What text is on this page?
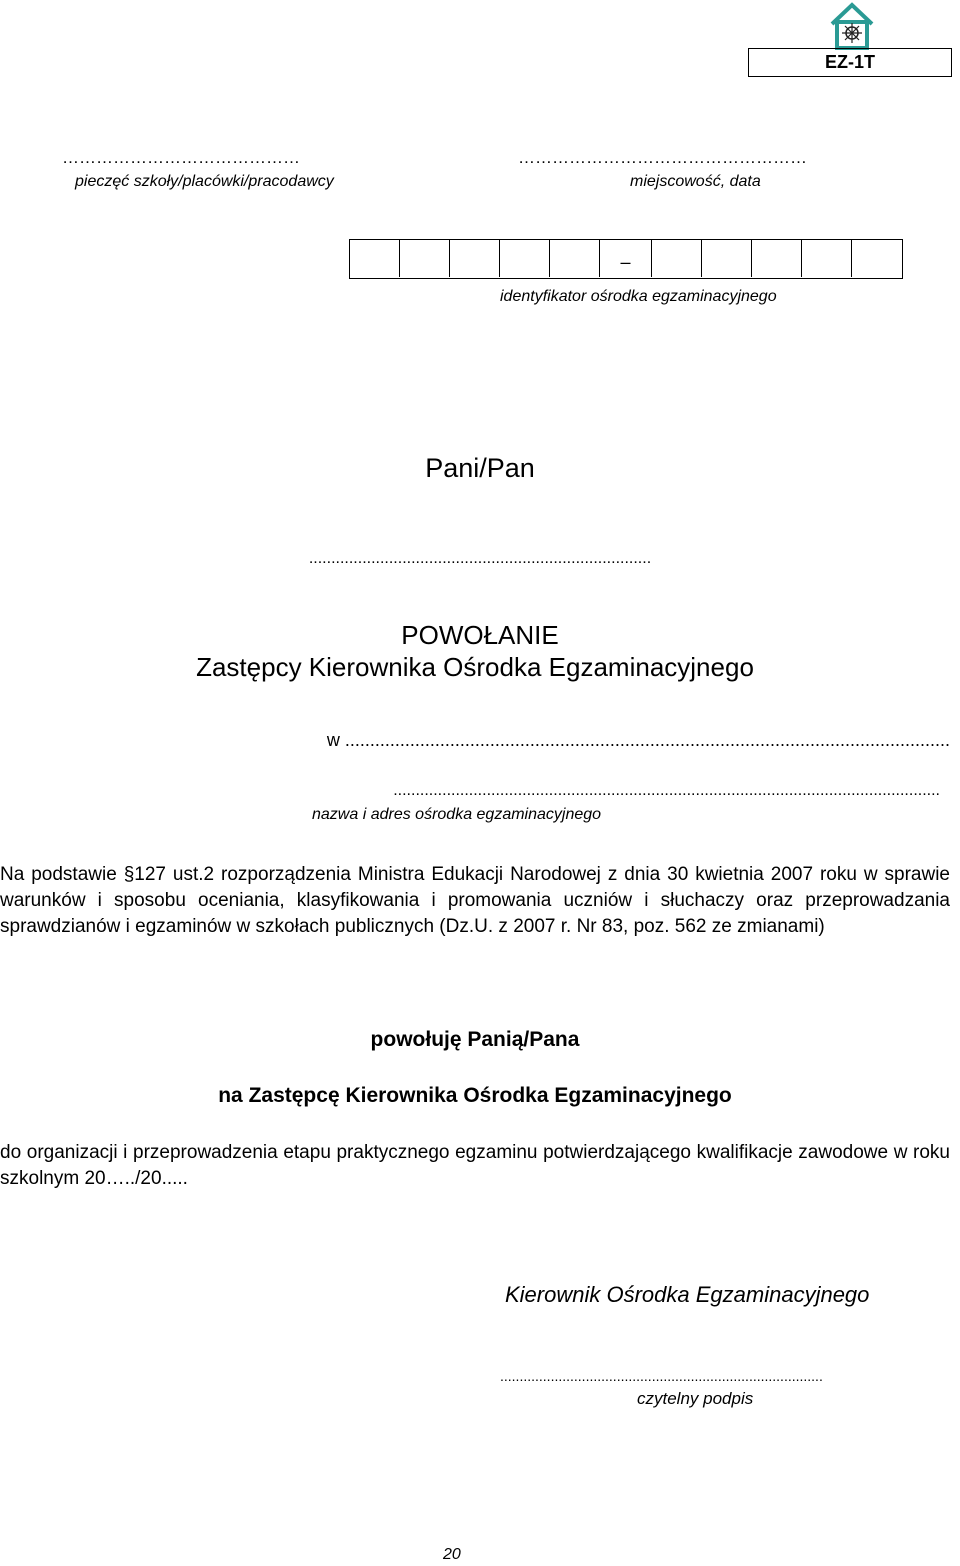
EZ-1T
……………………………………
pieczęć szkoły/placówki/pracodawcy
……………………………………………
miejscowość, data
–
identyfikator ośrodka egzaminacyjnego
Pani/Pan
.............................................................................
POWOŁANIE
Zastępcy Kierownika Ośrodka Egzaminacyjnego
w .........................................................................................................................
...........................................................................................................................
nazwa i adres ośrodka egzaminacyjnego
Na podstawie §127 ust.2 rozporządzenia Ministra Edukacji Narodowej z dnia 30 kwietnia 2007 roku w sprawie warunków i sposobu oceniania, klasyfikowania i promowania uczniów i słuchaczy oraz przeprowadzania sprawdzianów i egzaminów w szkołach publicznych (Dz.U. z 2007 r. Nr 83, poz. 562 ze zmianami)
powołuję Panią/Pana
na Zastępcę Kierownika Ośrodka Egzaminacyjnego
do organizacji i przeprowadzenia etapu praktycznego egzaminu potwierdzającego kwalifikacje zawodowe w roku szkolnym 20…../20.....
Kierownik Ośrodka Egzaminacyjnego
...................................................................................
czytelny podpis
20
